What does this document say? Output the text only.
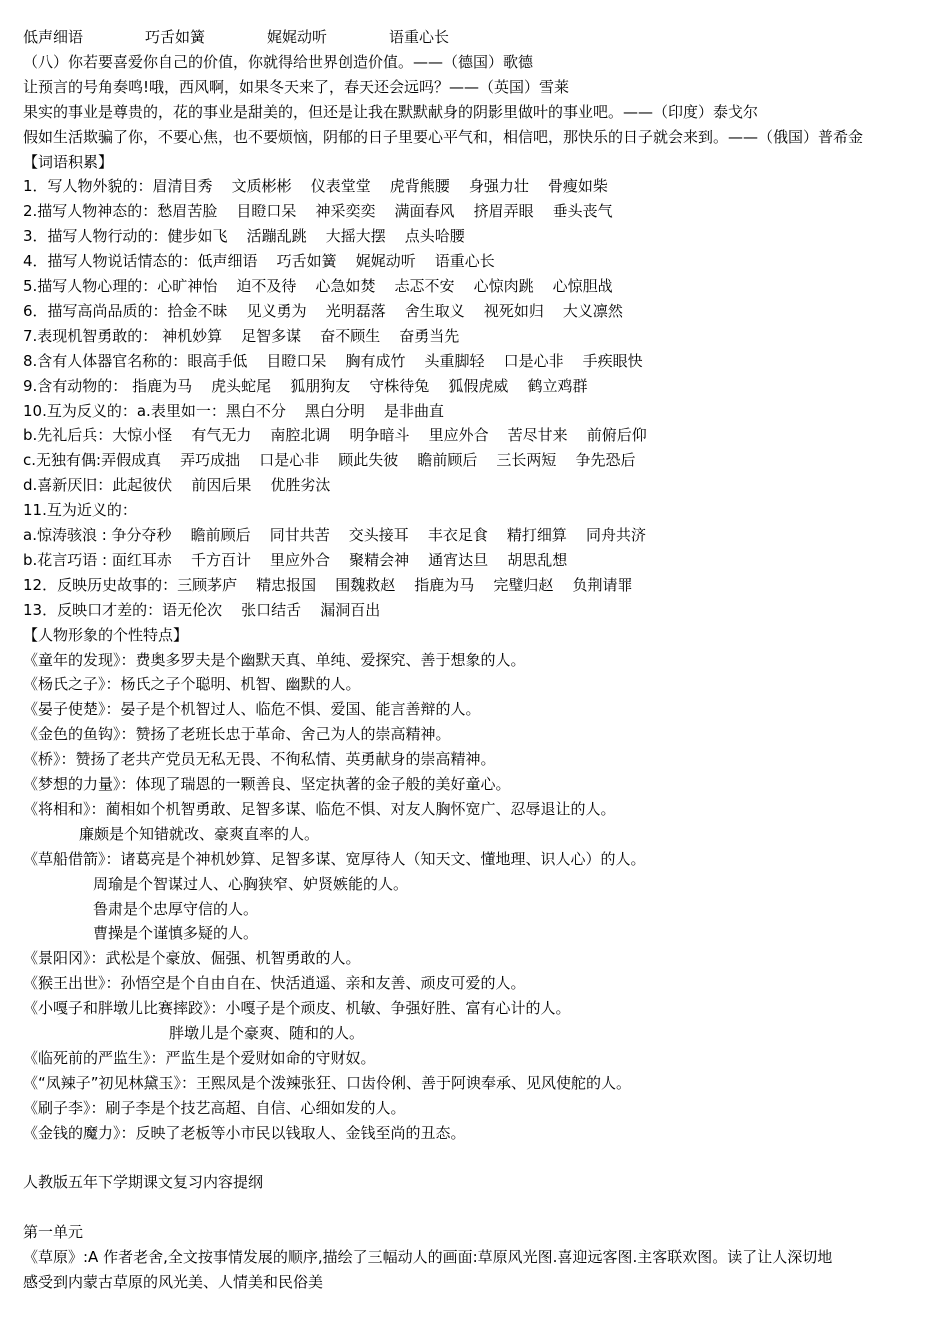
低声细语             巧舌如簧             娓娓动听             语重心长
（八）你若要喜爱你自己的价值，你就得给世界创造价值。——（德国）歌德
让预言的号角奏鸣!哦，西风啊，如果冬天来了，春天还会远吗？——（英国）雪莱
果实的事业是尊贵的，花的事业是甜美的，但还是让我在默默献身的阴影里做叶的事业吧。——（印度）泰戈尔
假如生活欺骗了你，不要心焦，也不要烦恼，阴郁的日子里要心平气和，相信吧，那快乐的日子就会来到。——（俄国）普希金
【词语积累】
1．写人物外貌的：眉清目秀    文质彬彬    仪表堂堂    虎背熊腰    身强力壮    骨瘦如柴
2.描写人物神态的：愁眉苦脸    目瞪口呆    神采奕奕    满面春风    挤眉弄眼    垂头丧气
3．描写人物行动的：健步如飞    活蹦乱跳    大摇大摆    点头哈腰
4．描写人物说话情态的：低声细语    巧舌如簧    娓娓动听    语重心长
5.描写人物心理的：心旷神怡    迫不及待    心急如焚    忐忑不安    心惊肉跳    心惊胆战
6．描写高尚品质的：拾金不昧    见义勇为    光明磊落    舍生取义    视死如归    大义凛然
7.表现机智勇敢的： 神机妙算    足智多谋    奋不顾生    奋勇当先
8.含有人体器官名称的：眼高手低    目瞪口呆    胸有成竹    头重脚轻    口是心非    手疾眼快
9.含有动物的： 指鹿为马    虎头蛇尾    狐朋狗友    守株待兔    狐假虎威    鹤立鸡群
10.互为反义的：a.表里如一：黑白不分    黑白分明    是非曲直
b.先礼后兵：大惊小怪    有气无力    南腔北调    明争暗斗    里应外合    苦尽甘来    前俯后仰
c.无独有偶:弄假成真    弄巧成拙    口是心非    顾此失彼    瞻前顾后    三长两短    争先恐后
d.喜新厌旧：此起彼伏    前因后果    优胜劣汰
11.互为近义的：
a.惊涛骇浪 : 争分夺秒    瞻前顾后    同甘共苦    交头接耳    丰衣足食    精打细算    同舟共济
b.花言巧语 : 面红耳赤    千方百计    里应外合    聚精会神    通宵达旦    胡思乱想
12．反映历史故事的：三顾茅庐    精忠报国    围魏救赵    指鹿为马    完璧归赵    负荆请罪
13．反映口才差的：语无伦次    张口结舌    漏洞百出
【人物形象的个性特点】
《童年的发现》：费奥多罗夫是个幽默天真、单纯、爱探究、善于想象的人。
《杨氏之子》：杨氏之子个聪明、机智、幽默的人。
《晏子使楚》：晏子是个机智过人、临危不惧、爱国、能言善辩的人。
《金色的鱼钩》：赞扬了老班长忠于革命、舍己为人的崇高精神。
《桥》：赞扬了老共产党员无私无畏、不徇私情、英勇献身的崇高精神。
《梦想的力量》：体现了瑞恩的一颗善良、坚定执著的金子般的美好童心。
《将相和》：蔺相如个机智勇敢、足智多谋、临危不惧、对友人胸怀宽广、忍辱退让的人。
廉颇是个知错就改、豪爽直率的人。
《草船借箭》：诸葛亮是个神机妙算、足智多谋、宽厚待人（知天文、懂地理、识人心）的人。
周瑜是个智谋过人、心胸狭窄、妒贤嫉能的人。
鲁肃是个忠厚守信的人。
曹操是个谨慎多疑的人。
《景阳冈》：武松是个豪放、倔强、机智勇敢的人。
《猴王出世》：孙悟空是个自由自在、快活逍遥、亲和友善、顽皮可爱的人。
《小嘎子和胖墩儿比赛摔跤》：小嘎子是个顽皮、机敏、争强好胜、富有心计的人。
胖墩儿是个豪爽、随和的人。
《临死前的严监生》：严监生是个爱财如命的守财奴。
《“凤辣子”初见林黛玉》：王熙凤是个泼辣张狂、口齿伶俐、善于阿谀奉承、见风使舵的人。
《刷子李》：刷子李是个技艺高超、自信、心细如发的人。
《金钱的魔力》：反映了老板等小市民以钱取人、金钱至尚的丑态。
人教版五年下学期课文复习内容提纲
第一单元
《草原》:A 作者老舍,全文按事情发展的顺序,描绘了三幅动人的画面:草原风光图.喜迎远客图.主客联欢图。读了让人深切地
感受到内蒙古草原的风光美、人情美和民俗美
